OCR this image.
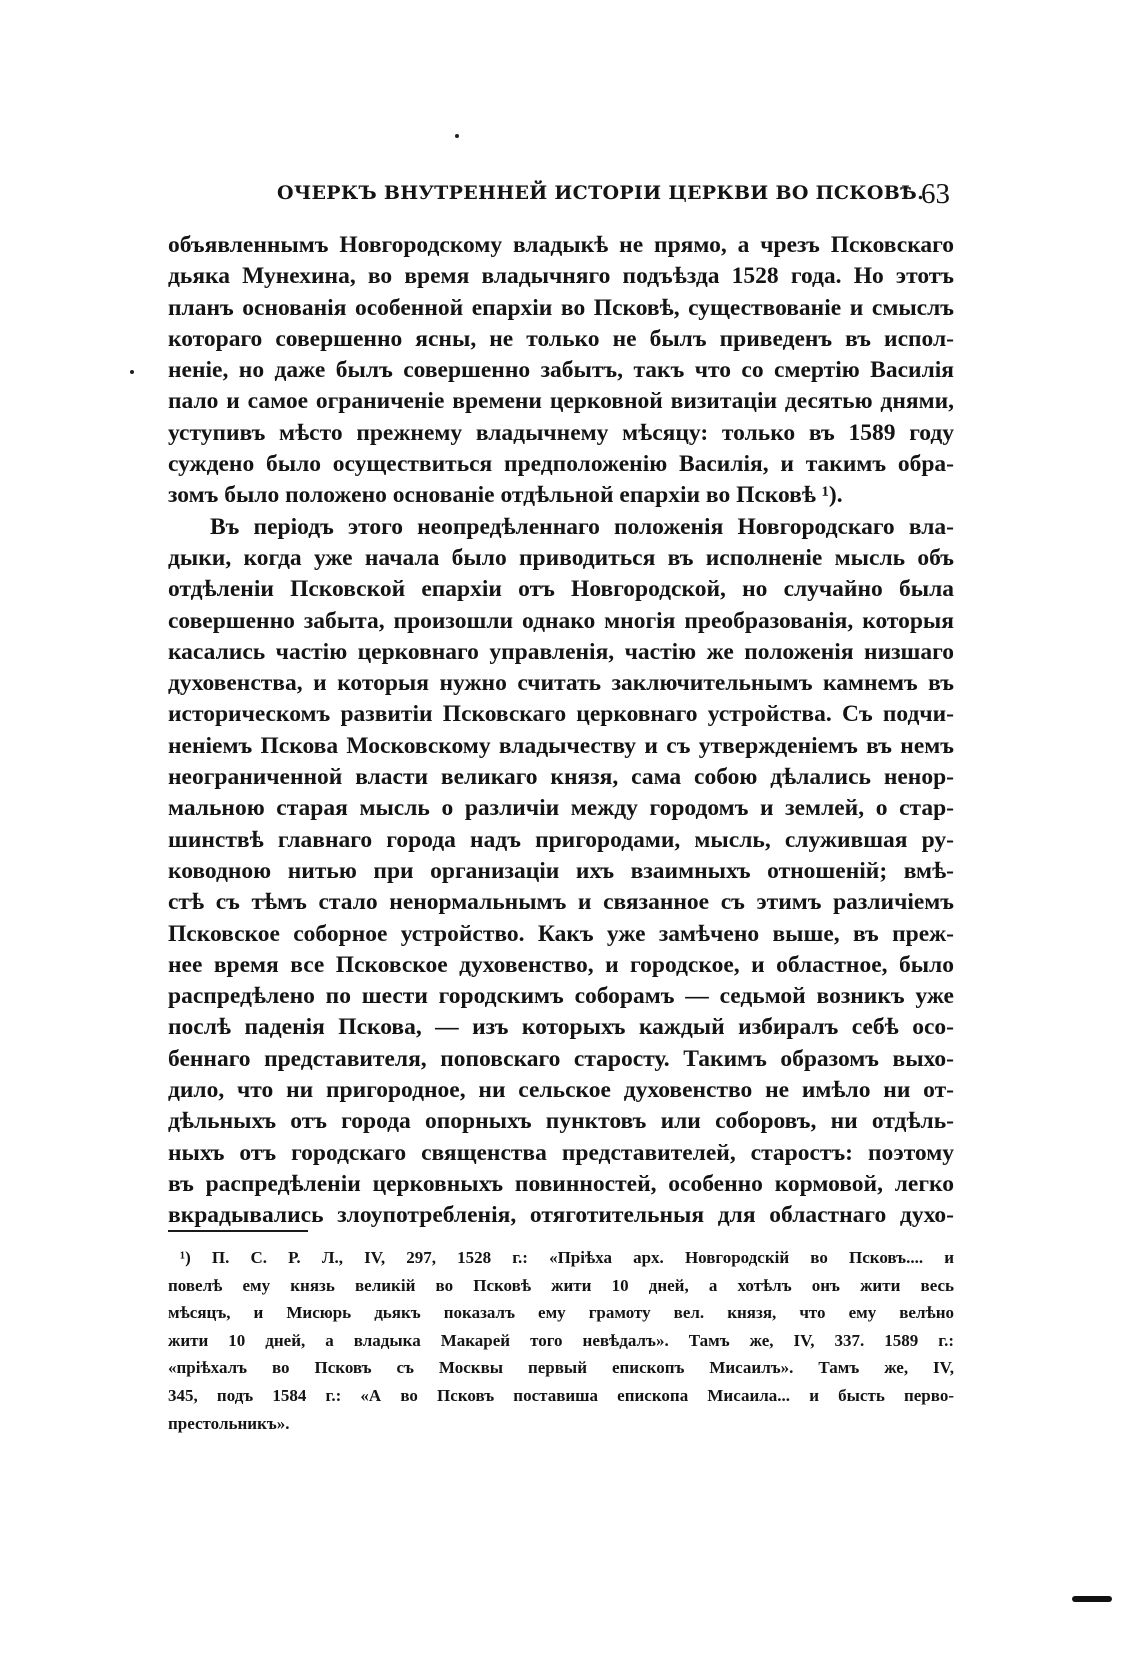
ОЧЕРКЪ ВНУТРЕННЕЙ ИСТОРІИ ЦЕРКВИ ВО ПСКОВѢ.
63
объявленнымъ Новгородскому владыкѣ не прямо, а чрезъ Псковскаго
дьяка Мунехина, во время владычняго подъѣзда 1528 года. Но этотъ
планъ основанія особенной епархіи во Псковѣ, существованіе и смыслъ
котораго совершенно ясны, не только не былъ приведенъ въ испол-
неніе, но даже былъ совершенно забытъ, такъ что со смертію Василія
пало и самое ограниченіе времени церковной визитаціи десятью днями,
уступивъ мѣсто прежнему владычнему мѣсяцу: только въ 1589 году
суждено было осуществиться предположенію Василія, и такимъ обра-
зомъ было положено основаніе отдѣльной епархіи во Псковѣ ¹).
Въ періодъ этого неопредѣленнаго положенія Новгородскаго вла-
дыки, когда уже начала было приводиться въ исполненіе мысль объ
отдѣленіи Псковской епархіи отъ Новгородской, но случайно была
совершенно забыта, произошли однако многія преобразованія, которыя
касались частію церковнаго управленія, частію же положенія низшаго
духовенства, и которыя нужно считать заключительнымъ камнемъ въ
историческомъ развитіи Псковскаго церковнаго устройства. Съ подчи-
неніемъ Пскова Московскому владычеству и съ утвержденіемъ въ немъ
неограниченной власти великаго князя, сама собою дѣлались ненор-
мальною старая мысль о различіи между городомъ и землей, о стар-
шинствѣ главнаго города надъ пригородами, мысль, служившая ру-
ководною нитью при организаціи ихъ взаимныхъ отношеній; вмѣ-
стѣ съ тѣмъ стало ненормальнымъ и связанное съ этимъ различіемъ
Псковское соборное устройство. Какъ уже замѣчено выше, въ преж-
нее время все Псковское духовенство, и городское, и областное, было
распредѣлено по шести городскимъ соборамъ — седьмой возникъ уже
послѣ паденія Пскова, — изъ которыхъ каждый избиралъ себѣ осо-
беннаго представителя, поповскаго старосту. Такимъ образомъ выхо-
дило, что ни пригородное, ни сельское духовенство не имѣло ни от-
дѣльныхъ отъ города опорныхъ пунктовъ или соборовъ, ни отдѣль-
ныхъ отъ городскаго священства представителей, старостъ: поэтому
въ распредѣленіи церковныхъ повинностей, особенно кормовой, легко
вкрадывались злоупотребленія, отяготительныя для областнаго духо-
¹) П. С. Р. Л., IV, 297, 1528 г.: «Пріѣха арх. Новгородскій во Псковъ.... и
повелѣ ему князь великій во Псковѣ жити 10 дней, а хотѣлъ онъ жити весь
мѣсяцъ, и Мисюрь дьякъ показалъ ему грамоту вел. князя, что ему велѣно
жити 10 дней, а владыка Макарей того невѣдалъ». Тамъ же, IV, 337. 1589 г.:
«пріѣхалъ во Псковъ съ Москвы первый епископъ Мисаилъ». Тамъ же, IV,
345, подъ 1584 г.: «А во Псковъ поставиша епископа Мисаила... и бысть перво-
престольникъ».
